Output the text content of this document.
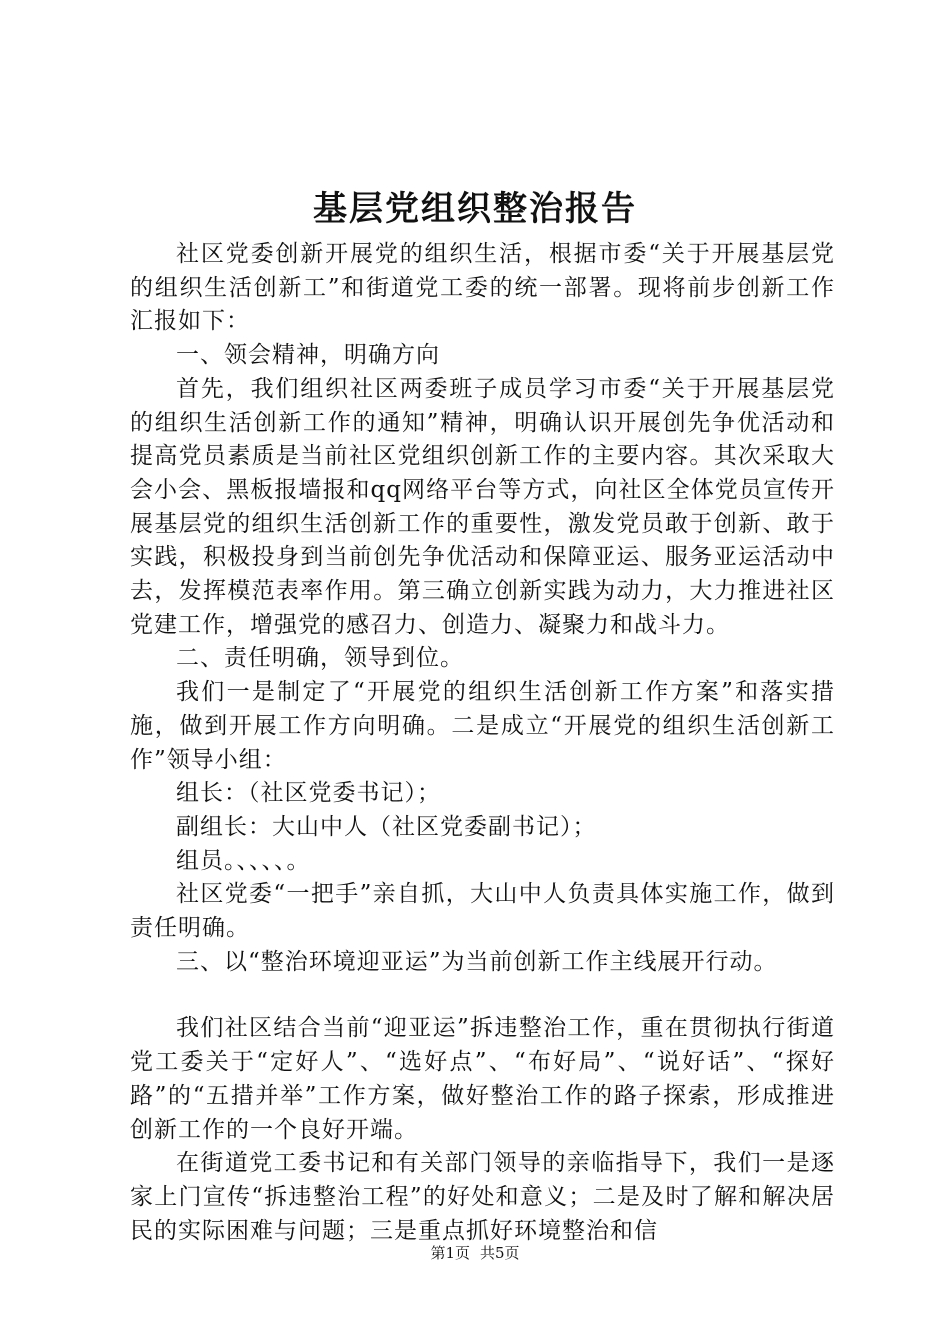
基层党组织整治报告

社区党委创新开展党的组织生活，根据市委“关于开展基层党的组织生活创新工”和街道党工委的统一部署。现将前步创新工作汇报如下：

一、领会精神，明确方向

首先，我们组织社区两委班子成员学习市委“关于开展基层党的组织生活创新工作的通知”精神，明确认识开展创先争优活动和提高党员素质是当前社区党组织创新工作的主要内容。其次采取大会小会、黑板报墙报和qq网络平台等方式，向社区全体党员宣传开展基层党的组织生活创新工作的重要性，激发党员敢于创新、敢于实践，积极投身到当前创先争优活动和保障亚运、服务亚运活动中去，发挥模范表率作用。第三确立创新实践为动力，大力推进社区党建工作，增强党的感召力、创造力、凝聚力和战斗力。

二、责任明确，领导到位。

我们一是制定了“开展党的组织生活创新工作方案”和落实措施，做到开展工作方向明确。二是成立“开展党的组织生活创新工作”领导小组：

组长：（社区党委书记）；

副组长：大山中人（社区党委副书记）；

组员。、、、、。

社区党委“一把手”亲自抓，大山中人负责具体实施工作，做到责任明确。

三、以“整治环境迎亚运”为当前创新工作主线展开行动。

我们社区结合当前“迎亚运”拆违整治工作，重在贯彻执行街道党工委关于“定好人”、“选好点”、“布好局”、“说好话”、“探好路”的“五措并举”工作方案，做好整治工作的路子探索，形成推进创新工作的一个良好开端。

在街道党工委书记和有关部门领导的亲临指导下，我们一是逐家上门宣传“拆违整治工程”的好处和意义；二是及时了解和解决居民的实际困难与问题；三是重点抓好环境整治和信

第1页 共5页
